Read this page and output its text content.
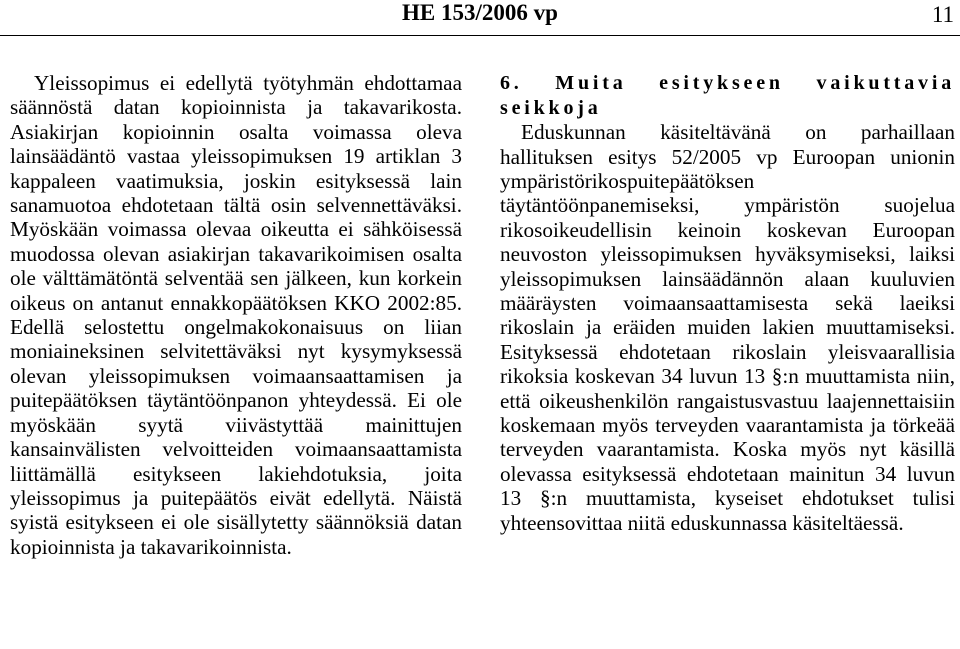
HE 153/2006 vp	11

Yleissopimus ei edellytä työtyhmän ehdottamaa säännöstä datan kopioinnista ja takavarikosta. Asiakirjan kopioinnin osalta voimassa oleva lainsäädäntö vastaa yleissopimuksen 19 artiklan 3 kappaleen vaatimuksia, joskin esityksessä lain sanamuotoa ehdotetaan tältä osin selvennettäväksi. Myöskään voimassa olevaa oikeutta ei sähköisessä muodossa olevan asiakirjan takavarikoimisen osalta ole välttämätöntä selventää sen jälkeen, kun korkein oikeus on antanut ennakkopäätöksen KKO 2002:85. Edellä selostettu ongelmakokonaisuus on liian moniaineksinen selvitettäväksi nyt kysymyksessä olevan yleissopimuksen voimaansaattamisen ja puitepäätöksen täytäntöönpanon yhteydessä. Ei ole myöskään syytä viivästyttää mainittujen kansainvälisten velvoitteiden voimaansaattamista liittämällä esitykseen lakiehdotuksia, joita yleissopimus ja puitepäätös eivät edellytä. Näistä syistä esitykseen ei ole sisällytetty säännöksiä datan kopioinnista ja takavarikoinnista.

6. Muita esitykseen vaikuttavia seikkoja

Eduskunnan käsiteltävänä on parhaillaan hallituksen esitys 52/2005 vp Euroopan unionin ympäristörikospuitepäätöksen täytäntöönpanemiseksi, ympäristön suojelua rikosoikeudellisin keinoin koskevan Euroopan neuvoston yleissopimuksen hyväksymiseksi, laiksi yleissopimuksen lainsäädännön alaan kuuluvien määräysten voimaansaattamisesta sekä laeiksi rikoslain ja eräiden muiden lakien muuttamiseksi. Esityksessä ehdotetaan rikoslain yleisvaarallisia rikoksia koskevan 34 luvun 13 §:n muuttamista niin, että oikeushenkilön rangaistusvastuu laajennettaisiin koskemaan myös terveyden vaarantamista ja törkeää terveyden vaarantamista. Koska myös nyt käsillä olevassa esityksessä ehdotetaan mainitun 34 luvun 13 §:n muuttamista, kyseiset ehdotukset tulisi yhteensovittaa niitä eduskunnassa käsiteltäessä.
